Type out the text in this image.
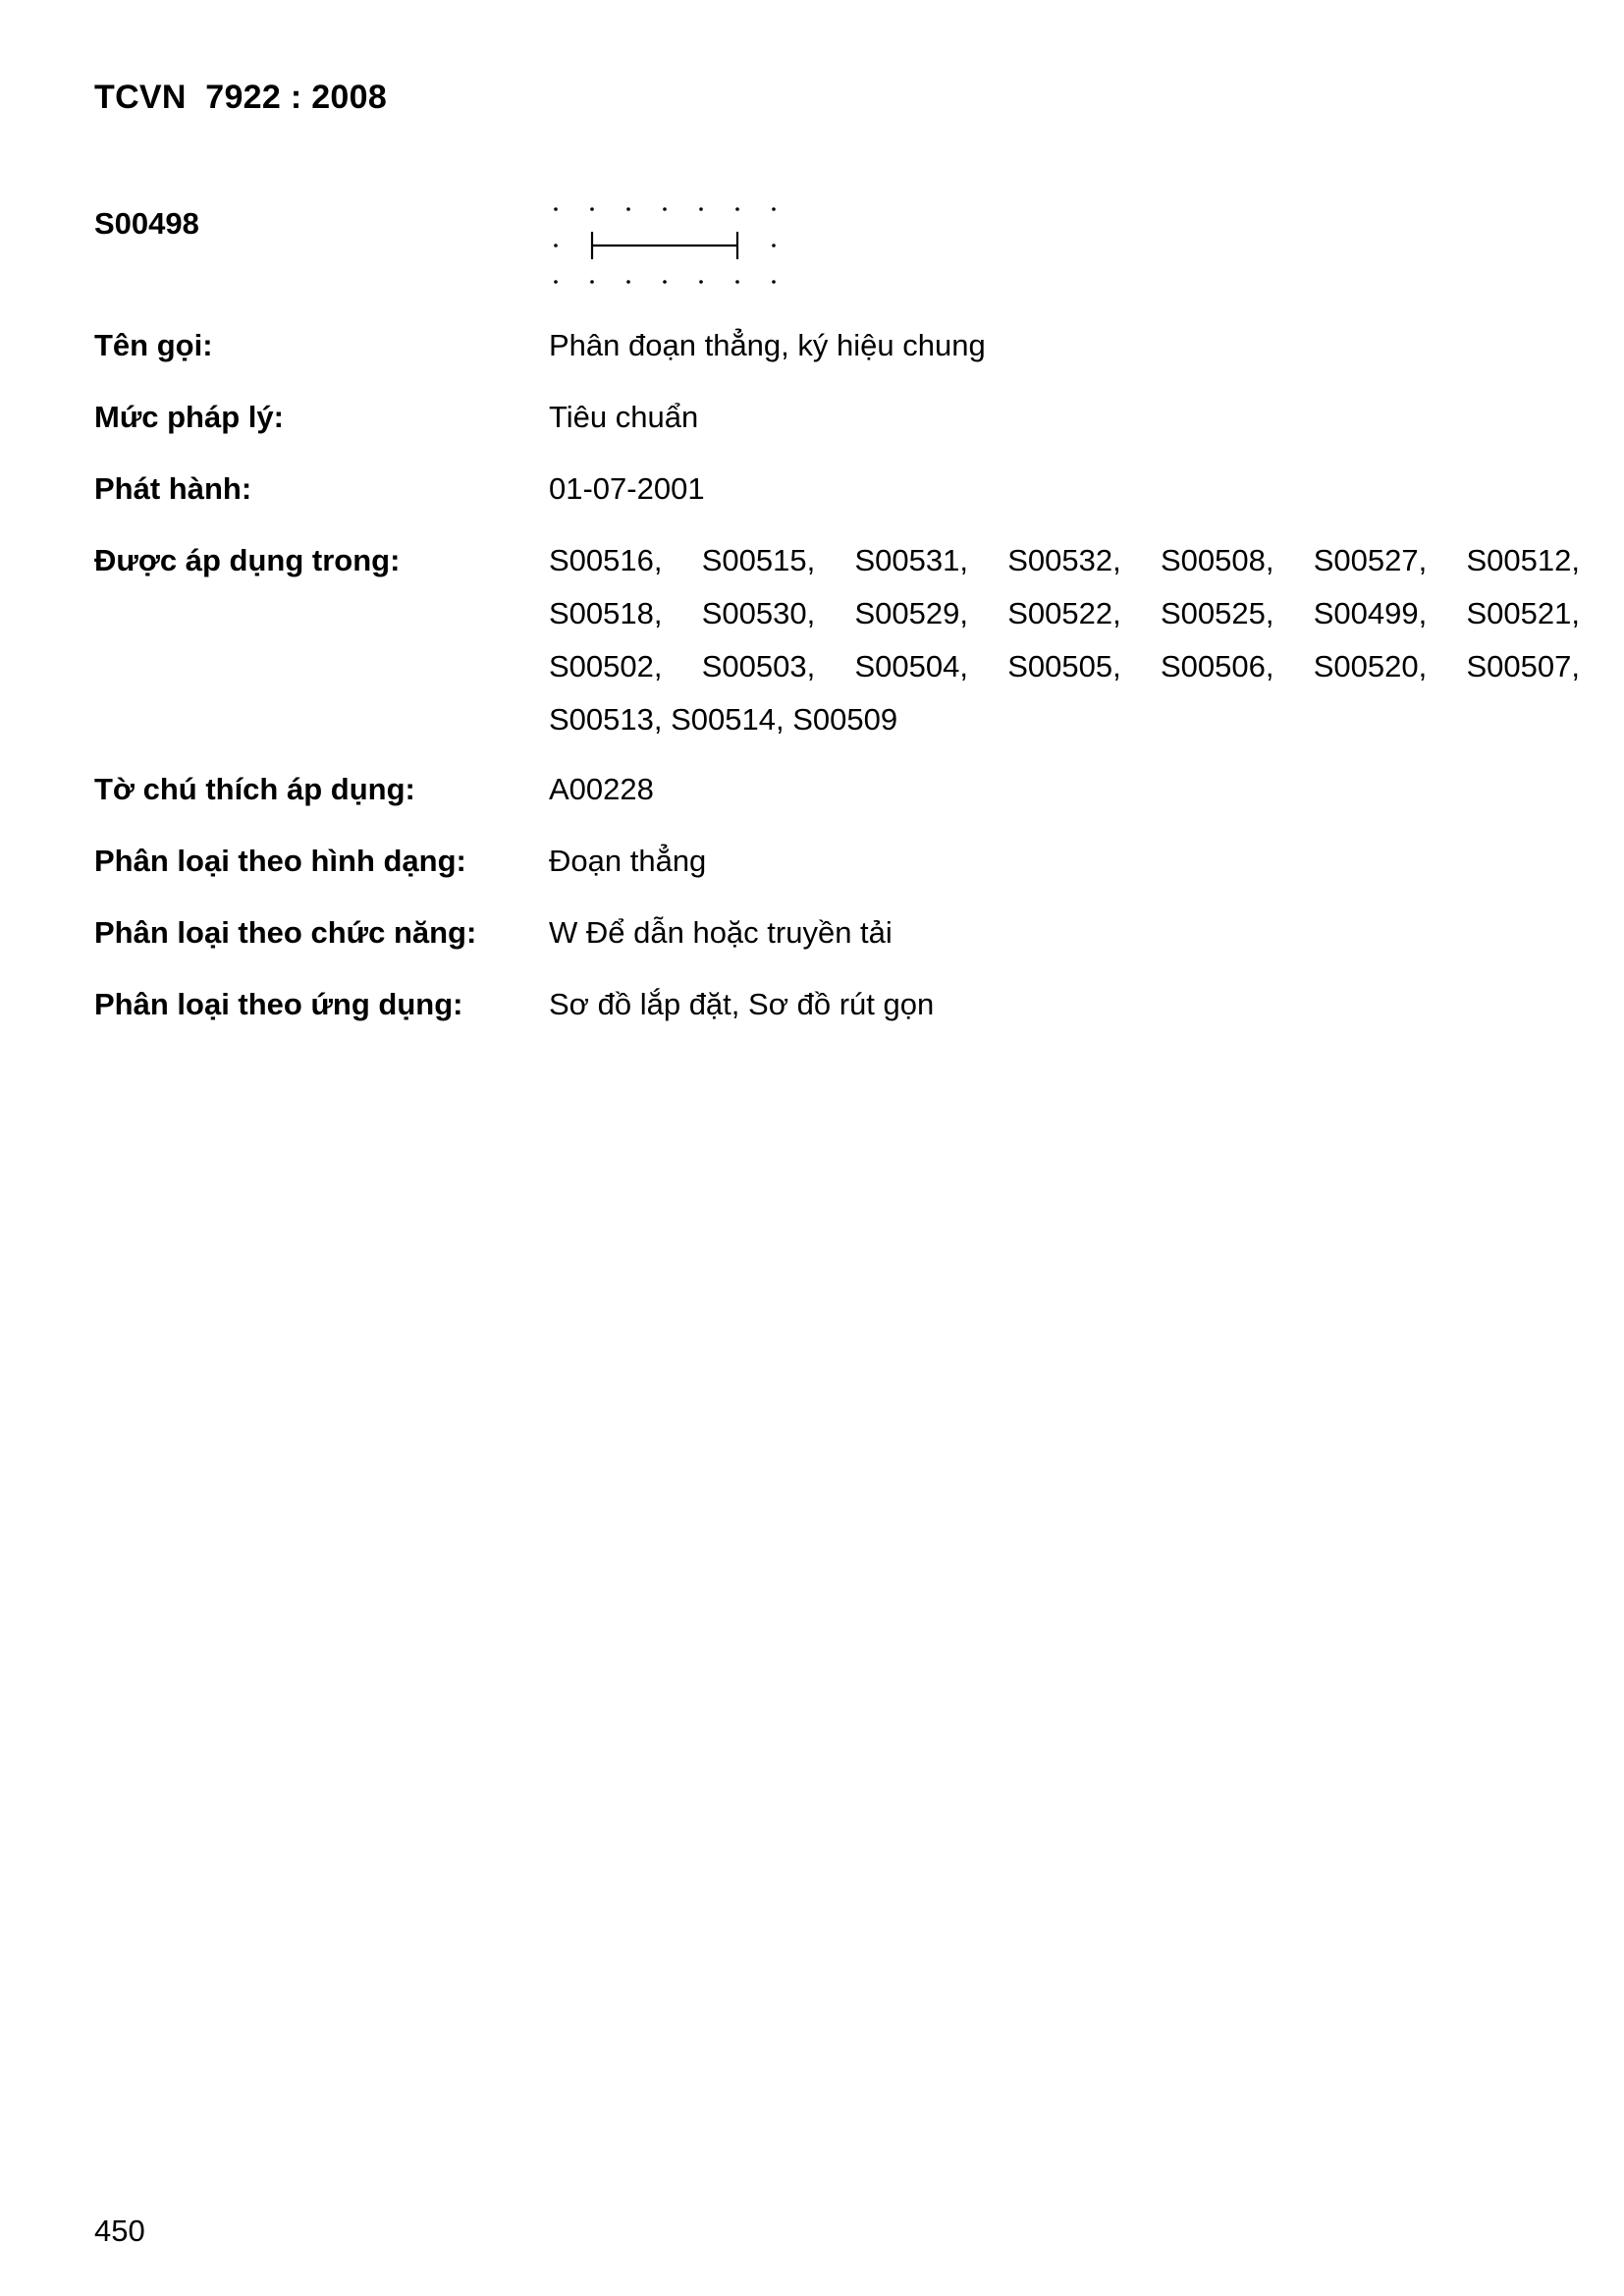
TCVN  7922 : 2008
S00498
Tên gọi:	Phân đoạn thẳng, ký hiệu chung
Mức pháp lý:	Tiêu chuẩn
Phát hành:	01-07-2001
Được áp dụng trong:	S00516, S00515, S00531, S00532, S00508, S00527, S00512,
S00518, S00530, S00529, S00522, S00525, S00499, S00521,
S00502, S00503, S00504, S00505, S00506, S00520, S00507,
S00513, S00514, S00509
Tờ chú thích áp dụng:	A00228
Phân loại theo hình dạng:	Đoạn thẳng
Phân loại theo chức năng: W Để dẫn hoặc truyền tải
Phân loại theo ứng dụng:	Sơ đồ lắp đặt, Sơ đồ rút gọn
450
